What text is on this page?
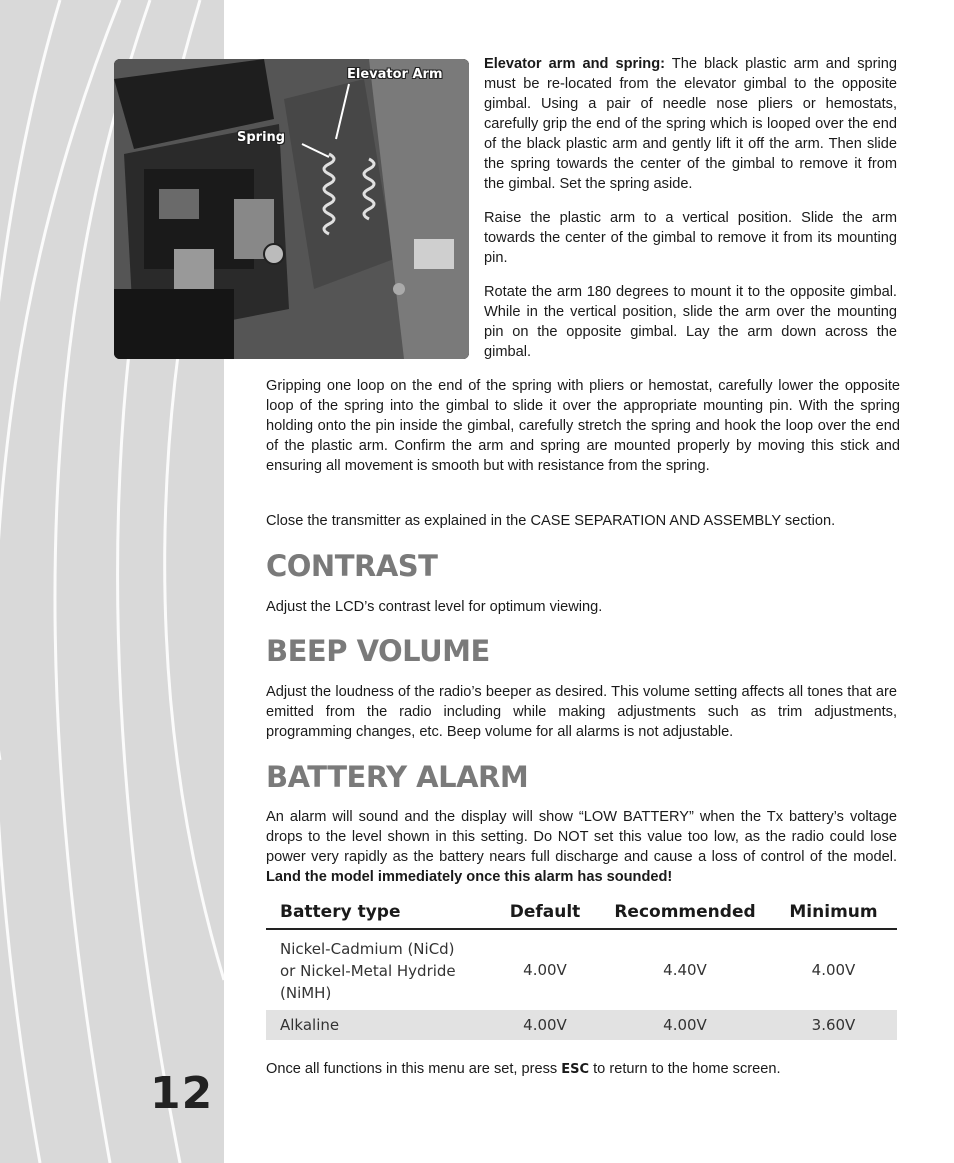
12
Elevator Arm
Spring

Elevator arm and spring: The black plastic arm and spring must be re-located from the elevator gimbal to the opposite gimbal. Using a pair of needle nose pliers or hemostats, carefully grip the end of the spring which is looped over the end of the black plastic arm and gently lift it off the arm. Then slide the spring towards the center of the gimbal to remove it from the gimbal. Set the spring aside.

Raise the plastic arm to a vertical position. Slide the arm towards the center of the gimbal to remove it from its mounting pin.

Rotate the arm 180 degrees to mount it to the opposite gimbal. While in the vertical position, slide the arm over the mounting pin on the opposite gimbal. Lay the arm down across the gimbal.

Gripping one loop on the end of the spring with pliers or hemostat, carefully lower the opposite loop of the spring into the gimbal to slide it over the appropriate mounting pin. With the spring holding onto the pin inside the gimbal, carefully stretch the spring and hook the loop over the end of the plastic arm. Confirm the arm and spring are mounted properly by moving this stick and ensuring all movement is smooth but with resistance from the spring.

Close the transmitter as explained in the CASE SEPARATION AND ASSEMBLY section.

CONTRAST

Adjust the LCD’s contrast level for optimum viewing.

BEEP VOLUME

Adjust the loudness of the radio’s beeper as desired. This volume setting affects all tones that are emitted from the radio including while making adjustments such as trim adjustments, programming changes, etc. Beep volume for all alarms is not adjustable.

BATTERY ALARM

An alarm will sound and the display will show “LOW BATTERY” when the Tx battery’s voltage drops to the level shown in this setting. Do NOT set this value too low, as the radio could lose power very rapidly as the battery nears full discharge and cause a loss of control of the model. Land the model immediately once this alarm has sounded!

Battery type	Default	Recommended	Minimum
Nickel-Cadmium (NiCd) or Nickel-Metal Hydride (NiMH)	4.00V	4.40V	4.00V
Alkaline	4.00V	4.00V	3.60V

Once all functions in this menu are set, press ESC to return to the home screen.
